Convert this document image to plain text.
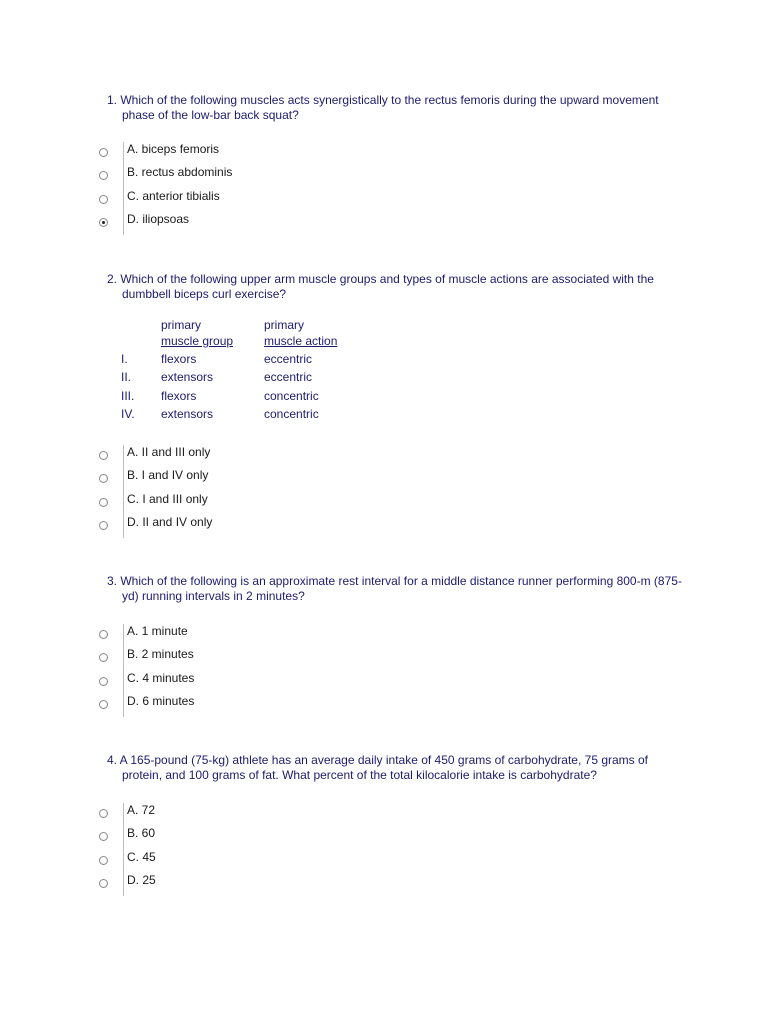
1. Which of the following muscles acts synergistically to the rectus femoris during the upward movement phase of the low-bar back squat?

A. biceps femoris
B. rectus abdominis
C. anterior tibialis
D. iliopsoas

2. Which of the following upper arm muscle groups and types of muscle actions are associated with the dumbbell biceps curl exercise?

primary	primary
muscle group	muscle action
I.	flexors	eccentric
II. extensors	eccentric
III. flexors	concentric
IV. extensors	concentric
A. II and III only
B. I and IV only
C. I and III only
D. II and IV only

3. Which of the following is an approximate rest interval for a middle distance runner performing 800-m (875-yd) running intervals in 2 minutes?

A. 1 minute
B. 2 minutes
C. 4 minutes
D. 6 minutes

4. A 165-pound (75-kg) athlete has an average daily intake of 450 grams of carbohydrate, 75 grams of protein, and 100 grams of fat. What percent of the total kilocalorie intake is carbohydrate?

A. 72
B. 60
C. 45
D. 25
